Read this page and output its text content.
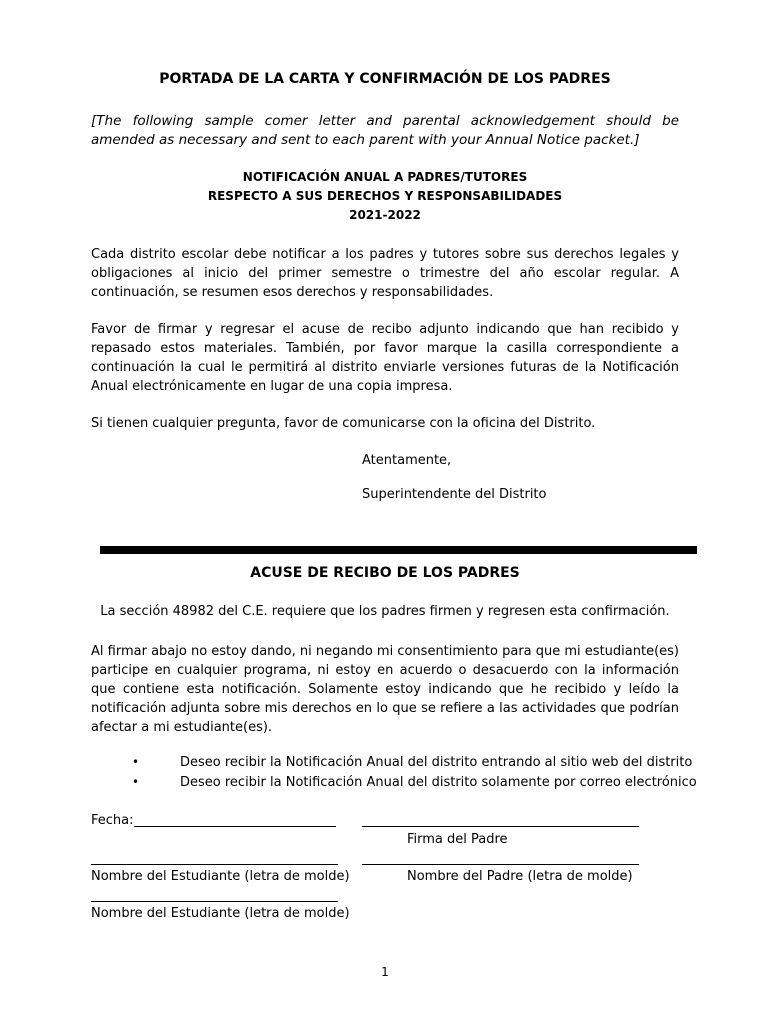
PORTADA DE LA CARTA Y CONFIRMACIÓN DE LOS PADRES

[The following sample comer letter and parental acknowledgement should be amended as necessary and sent to each parent with your Annual Notice packet.]

NOTIFICACIÓN ANUAL A PADRES/TUTORES

RESPECTO A SUS DERECHOS Y RESPONSABILIDADES

2021-2022

Cada distrito escolar debe notificar a los padres y tutores sobre sus derechos legales y obligaciones al inicio del primer semestre o trimestre del año escolar regular. A continuación, se resumen esos derechos y responsabilidades.

Favor de firmar y regresar el acuse de recibo adjunto indicando que han recibido y repasado estos materiales. También, por favor marque la casilla correspondiente a continuación la cual le permitirá al distrito enviarle versiones futuras de la Notificación Anual electrónicamente en lugar de una copia impresa.

Si tienen cualquier pregunta, favor de comunicarse con la oficina del Distrito.

Atentamente,

Superintendente del Distrito

ACUSE DE RECIBO DE LOS PADRES

La sección 48982 del C.E. requiere que los padres firmen y regresen esta confirmación.

Al firmar abajo no estoy dando, ni negando mi consentimiento para que mi estudiante(es) participe en cualquier programa, ni estoy en acuerdo o desacuerdo con la información que contiene esta notificación. Solamente estoy indicando que he recibido y leído la notificación adjunta sobre mis derechos en lo que se refiere a las actividades que podrían afectar a mi estudiante(es).

•	Deseo recibir la Notificación Anual del distrito entrando al sitio web del distrito
•	Deseo recibir la Notificación Anual del distrito solamente por correo electrónico
Fecha:
Firma del Padre
Nombre del Estudiante (letra de molde)	Nombre del Padre (letra de molde)
Nombre del Estudiante (letra de molde)

1
